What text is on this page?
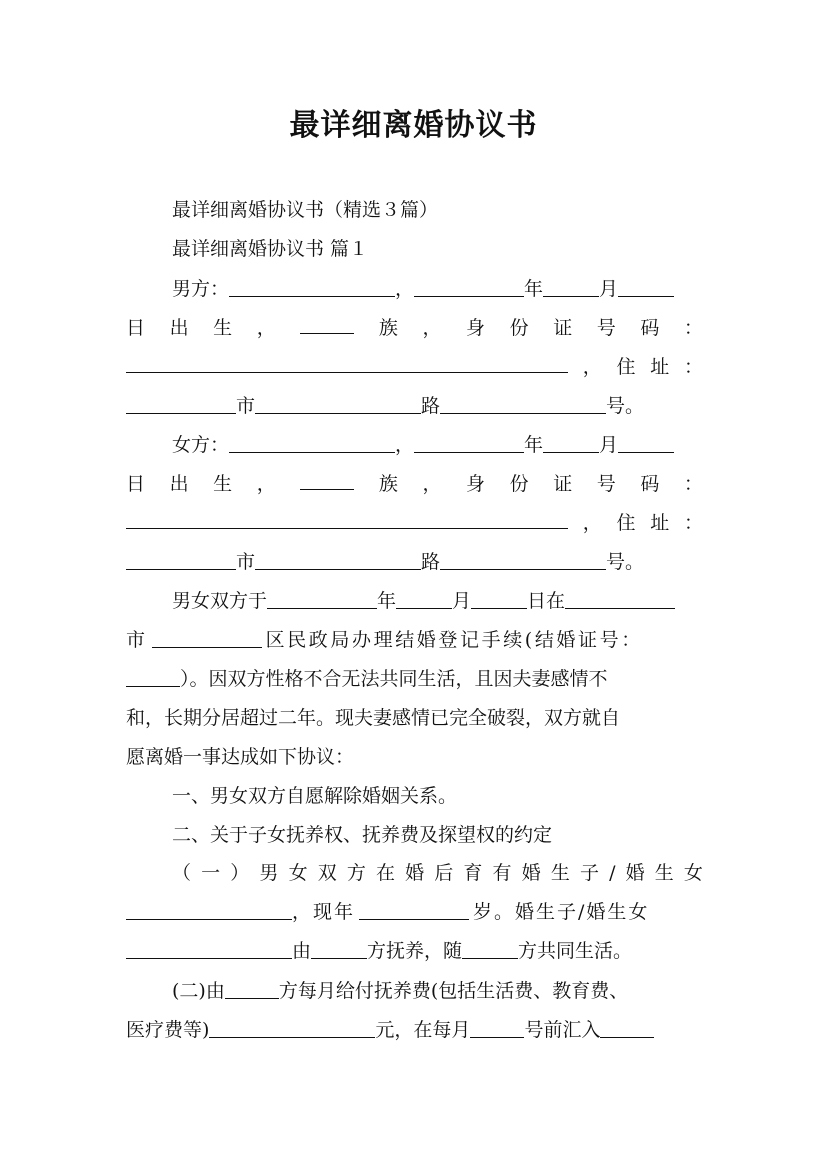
最详细离婚协议书
最详细离婚协议书（精选３篇）
最详细离婚协议书 篇１
男方：	，	年	月
日 出 生 ，	族 ， 身 份 证 号 码 ：
， 住 址 ：
市	路	号。
女方：	，	年	月
日 出 生 ，	族 ， 身 份 证 号 码 ：
， 住 址 ：
市	路	号。
男女双方于	年	月	日在
市	区民政局办理结婚登记手续(结婚证号：
）。因双方性格不合无法共同生活，且因夫妻感情不
和，长期分居超过二年。现夫妻感情已完全破裂，双方就自
愿离婚一事达成如下协议：
一、男女双方自愿解除婚姻关系。
二、关于子女抚养权、抚养费及探望权的约定
（ 一 ） 男 女 双 方 在 婚 后 育 有 婚 生 子 / 婚 生 女
，现年	岁。婚生子/婚生女
由	方抚养，随	方共同生活。
(二)由	方每月给付抚养费(包括生活费、教育费、
医疗费等)	元，在每月	号前汇入
